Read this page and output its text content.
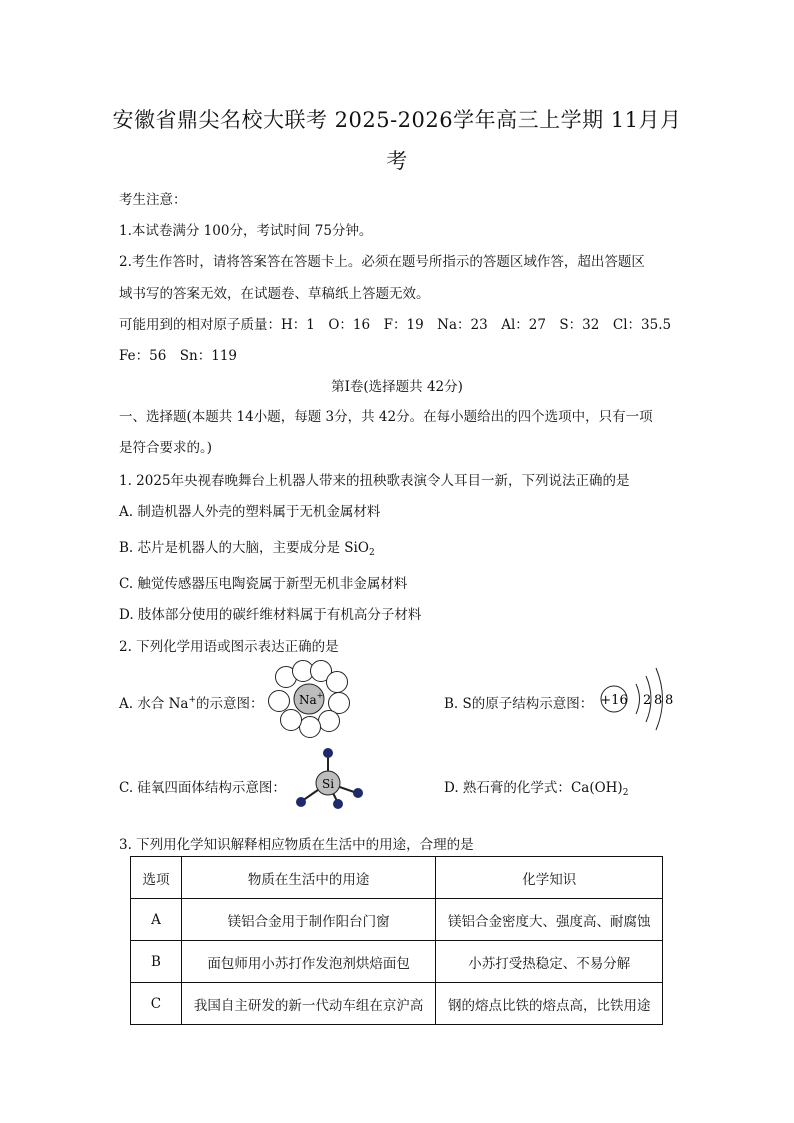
安徽省鼎尖名校大联考 2025-2026学年高三上学期 11月月
考
考生注意：
1.本试卷满分 100分，考试时间 75分钟。
2.考生作答时，请将答案答在答题卡上。必须在题号所指示的答题区域作答，超出答题区
域书写的答案无效，在试题卷、草稿纸上答题无效。
可能用到的相对原子质量：H：1　O：16　F：19　Na：23　Al：27　S：32　Cl：35.5
Fe：56　Sn：119
第Ⅰ卷(选择题共 42分)
一、选择题(本题共 14小题，每题 3分，共 42分。在每小题给出的四个选项中，只有一项
是符合要求的。)
1. 2025年央视春晚舞台上机器人带来的扭秧歌表演令人耳目一新，下列说法正确的是
A. 制造机器人外壳的塑料属于无机金属材料
B. 芯片是机器人的大脑，主要成分是 SiO$_2$
C. 触觉传感器压电陶瓷属于新型无机非金属材料
D. 肢体部分使用的碳纤维材料属于有机高分子材料
2. 下列化学用语或图示表达正确的是
A. 水合 Na+的示意图：	Na+
B. S的原子结构示意图： +16 2 8 8
C. 硅氧四面体结构示意图：	Si	D. 熟石膏的化学式：$Ca(OH)_2$
3. 下列用化学知识解释相应物质在生活中的用途，合理的是
选项	物质在生活中的用途	化学知识
A	镁铝合金用于制作阳台门窗	镁铝合金密度大、强度高、耐腐蚀
B	面包师用小苏打作发泡剂烘焙面包	小苏打受热稳定、不易分解
C	我国自主研发的新一代动车组在京沪高	钢的熔点比铁的熔点高，比铁用途
